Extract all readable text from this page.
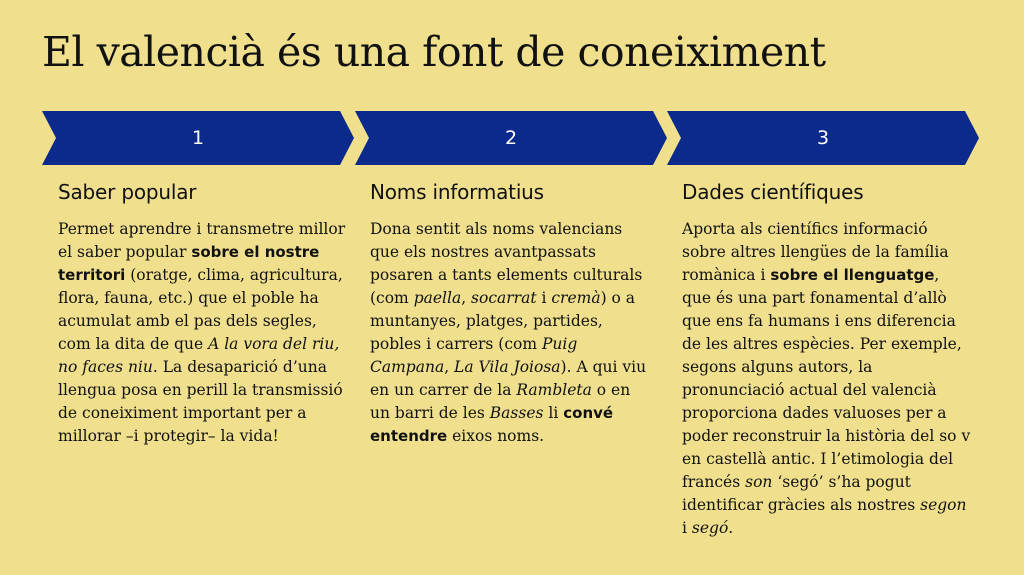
El valencià és una font de coneiximent
1	2	3
Saber popular

Permet aprendre i transmetre millor el saber popular sobre el nostre territori (oratge, clima, agricultura, flora, fauna, etc.) que el poble ha acumulat amb el pas dels segles, com la dita de que A la vora del riu, no faces niu. La desaparició d’una llengua posa en perill la transmissió de coneiximent important per a millorar –i protegir– la vida!

Noms informatius

Dona sentit als noms valencians que els nostres avantpassats posaren a tants elements culturals (com paella, socarrat i cremà) o a muntanyes, platges, partides, pobles i carrers (com Puig Campana, La Vila Joiosa). A qui viu en un carrer de la Rambleta o en un barri de les Basses li convé entendre eixos noms.

Dades científiques

Aporta als científics informació sobre altres llengües de la família romànica i sobre el llenguatge, que és una part fonamental d’allò que ens fa humans i ens diferencia de les altres espècies. Per exemple, segons alguns autors, la pronunciació actual del valencià proporciona dades valuoses per a poder reconstruir la història del so v en castellà antic. I l’etimologia del francés son ‘segó’ s’ha pogut identificar gràcies als nostres segon i segó.
